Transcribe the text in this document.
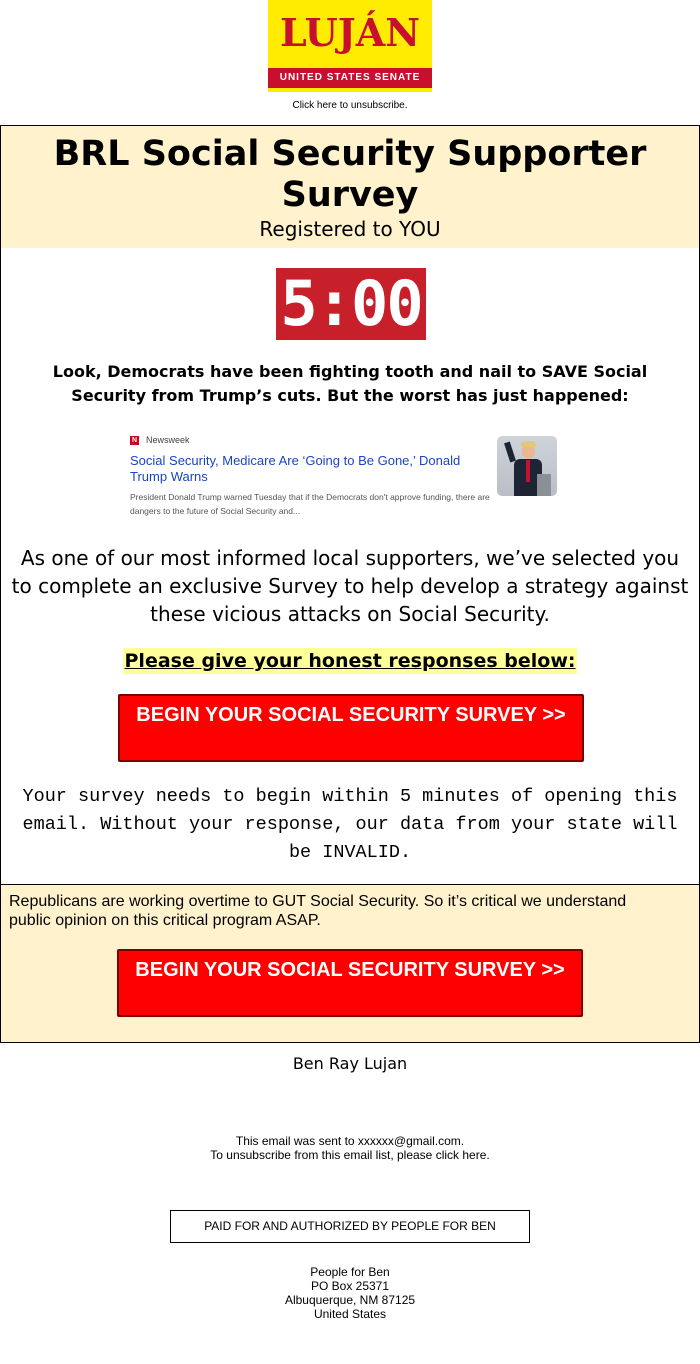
LUJÁN
UNITED STATES SENATE
Click here to unsubscribe.
BRL Social Security Supporter Survey
Registered to YOU
5:00
Look, Democrats have been fighting tooth and nail to SAVE Social Security from Trump’s cuts. But the worst has just happened:
N Newsweek
Social Security, Medicare Are ‘Going to Be Gone,’ Donald Trump Warns
President Donald Trump warned Tuesday that if the Democrats don't approve funding, there are dangers to the future of Social Security and...
As one of our most informed local supporters, we’ve selected you to complete an exclusive Survey to help develop a strategy against these vicious attacks on Social Security.
Please give your honest responses below:
BEGIN YOUR SOCIAL SECURITY SURVEY >>
Your survey needs to begin within 5 minutes of opening this email. Without your response, our data from your state will be INVALID.
Republicans are working overtime to GUT Social Security. So it’s critical we understand public opinion on this critical program ASAP.
BEGIN YOUR SOCIAL SECURITY SURVEY >>
Ben Ray Lujan
This email was sent to xxxxxx@gmail.com.
To unsubscribe from this email list, please click here.
PAID FOR AND AUTHORIZED BY PEOPLE FOR BEN
People for Ben
PO Box 25371
Albuquerque, NM 87125
United States
